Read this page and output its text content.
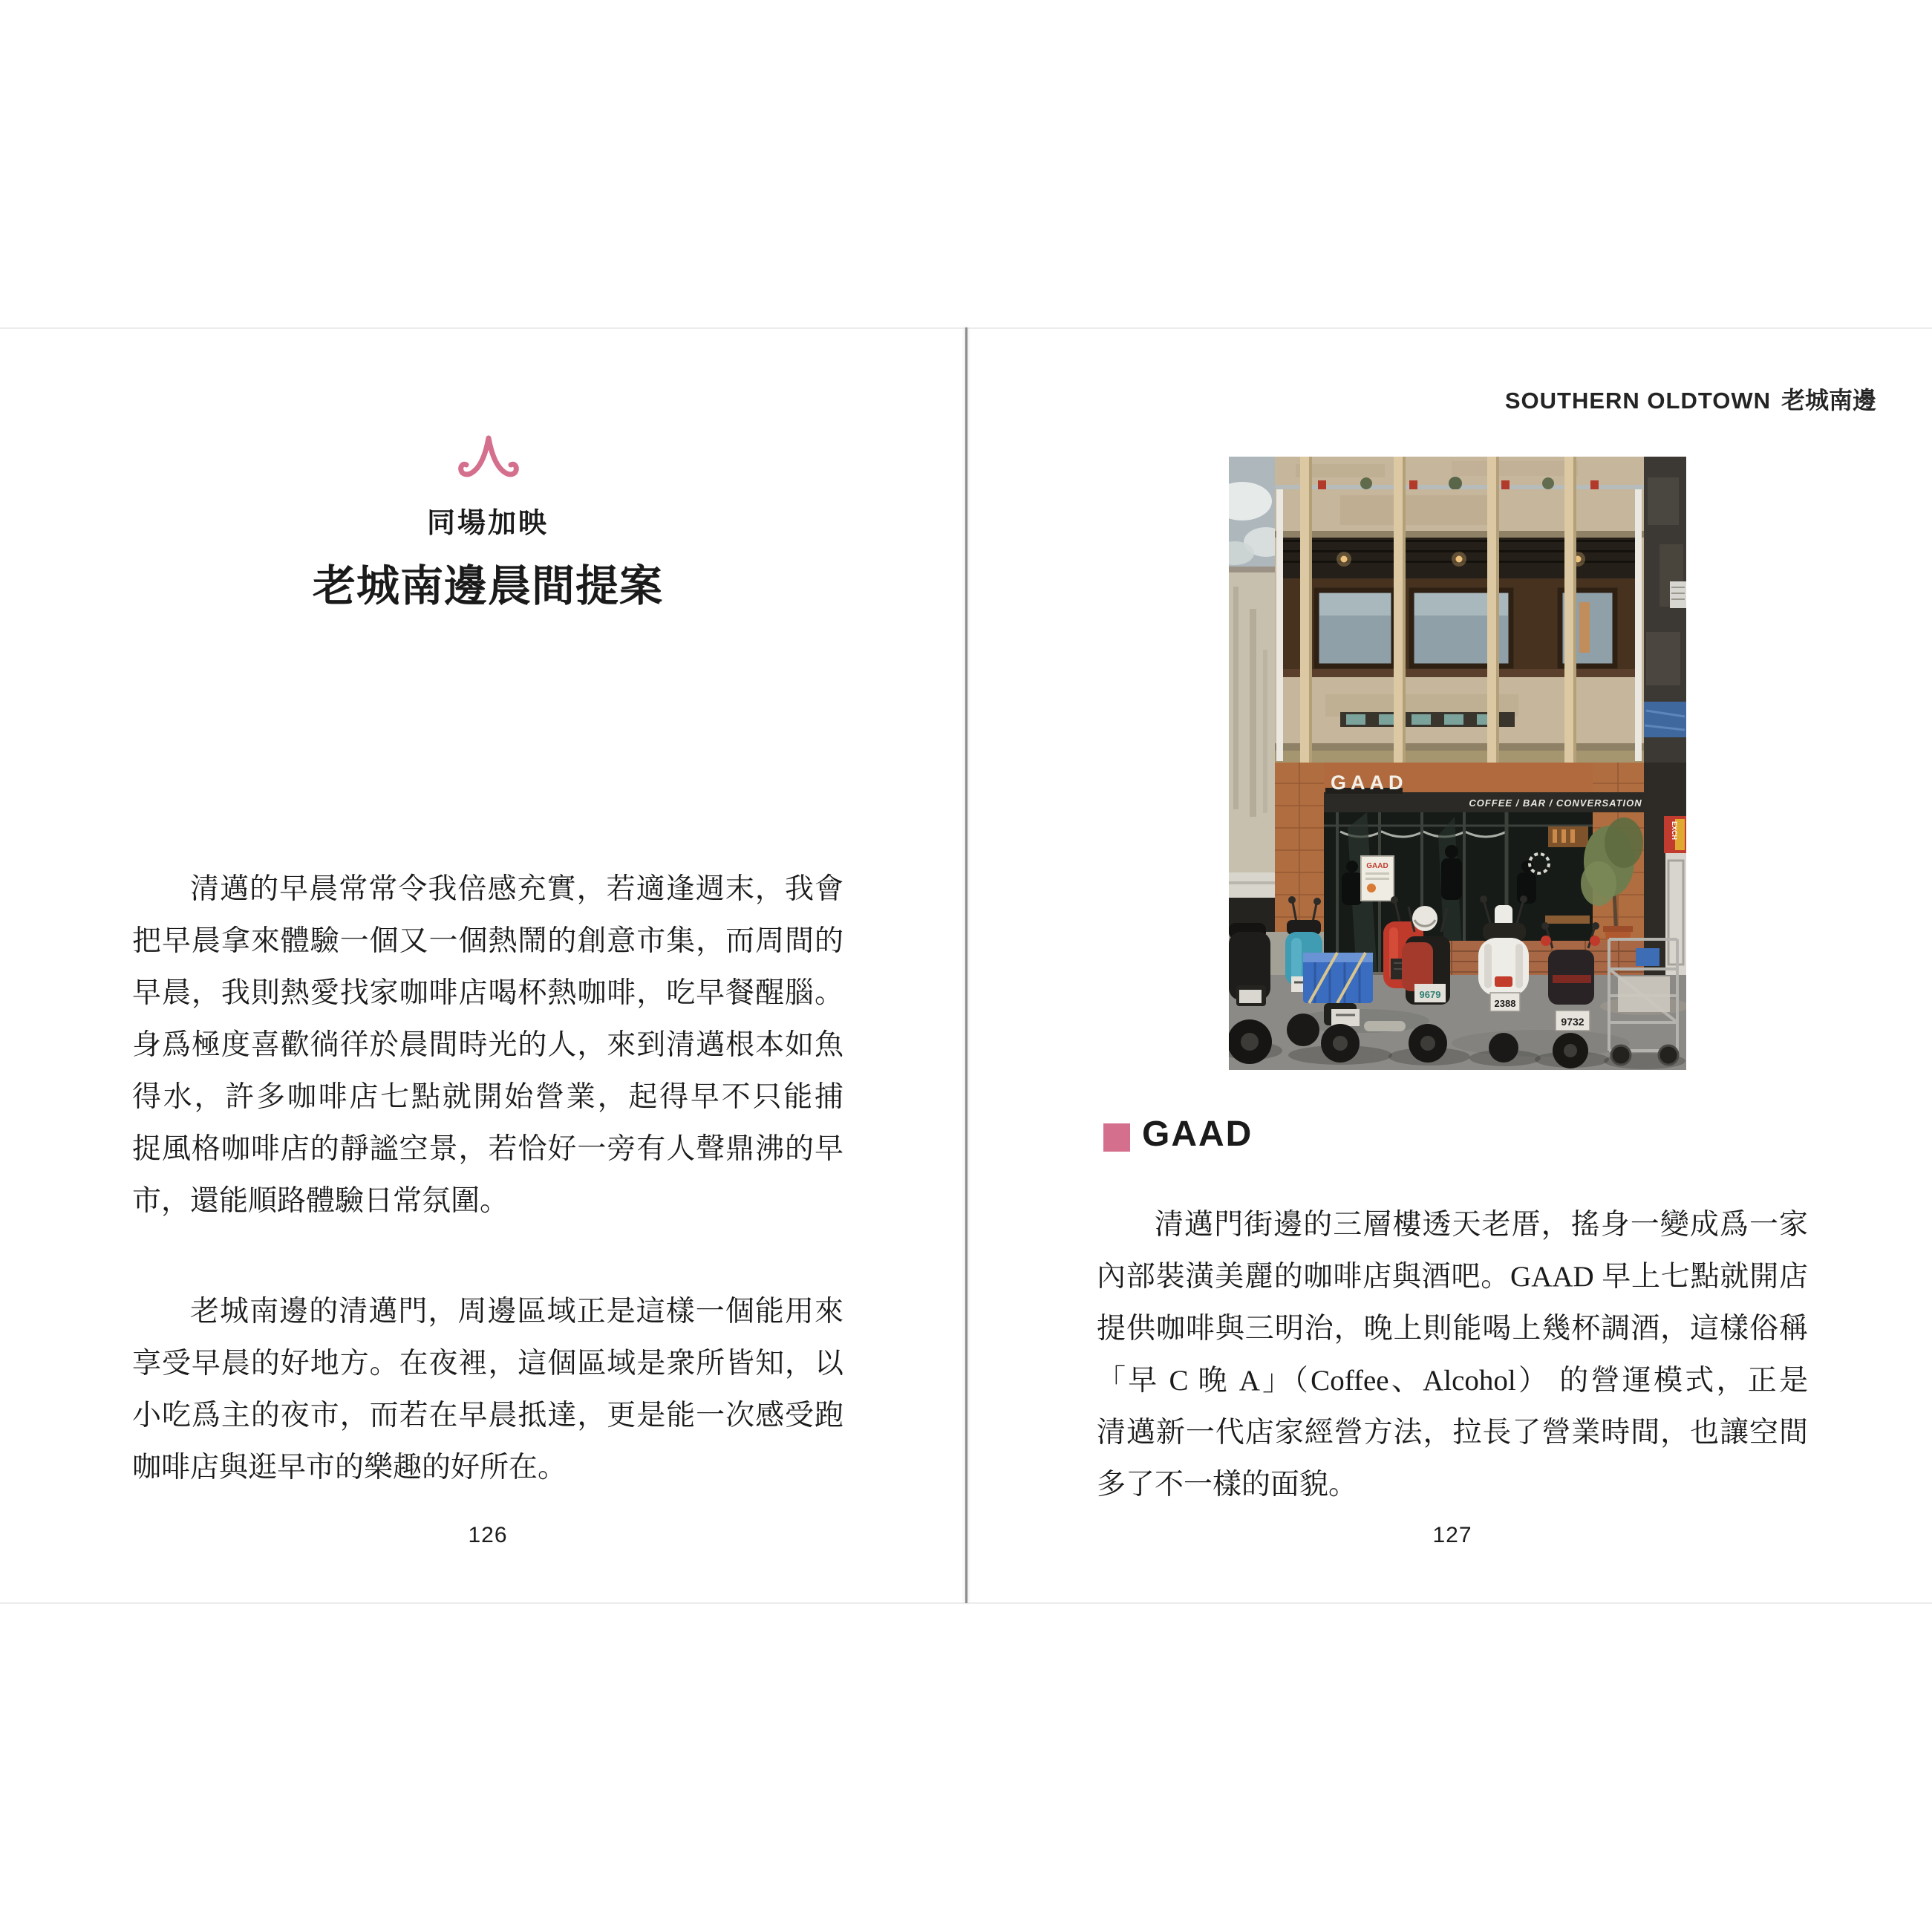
同場加映
老城南邊晨間提案
清邁的早晨常常令我倍感充實，若適逢週末，我會
把早晨拿來體驗一個又一個熱鬧的創意市集，而周間的
早晨，我則熱愛找家咖啡店喝杯熱咖啡，吃早餐醒腦。
身爲極度喜歡徜徉於晨間時光的人，來到清邁根本如魚
得水，許多咖啡店七點就開始營業，起得早不只能捕
捉風格咖啡店的靜謐空景，若恰好一旁有人聲鼎沸的早
市，還能順路體驗日常氛圍。
老城南邊的清邁門，周邊區域正是這樣一個能用來
享受早晨的好地方。在夜裡，這個區域是衆所皆知，以
小吃爲主的夜市，而若在早晨抵達，更是能一次感受跑
咖啡店與逛早市的樂趣的好所在。
126
SOUTHERN OLDTOWN 老城南邊
GAAD
COFFEE / BAR / CONVERSATION
GAAD
EXCH
9679
2388
9732
GAAD
清邁門街邊的三層樓透天老厝，搖身一變成爲一家
內部裝潢美麗的咖啡店與酒吧。GAAD 早上七點就開店
提供咖啡與三明治，晚上則能喝上幾杯調酒，這樣俗稱
「早 C 晚 A」（Coffee、Alcohol） 的營運模式，正是
清邁新一代店家經營方法，拉長了營業時間，也讓空間
多了不一樣的面貌。
127
